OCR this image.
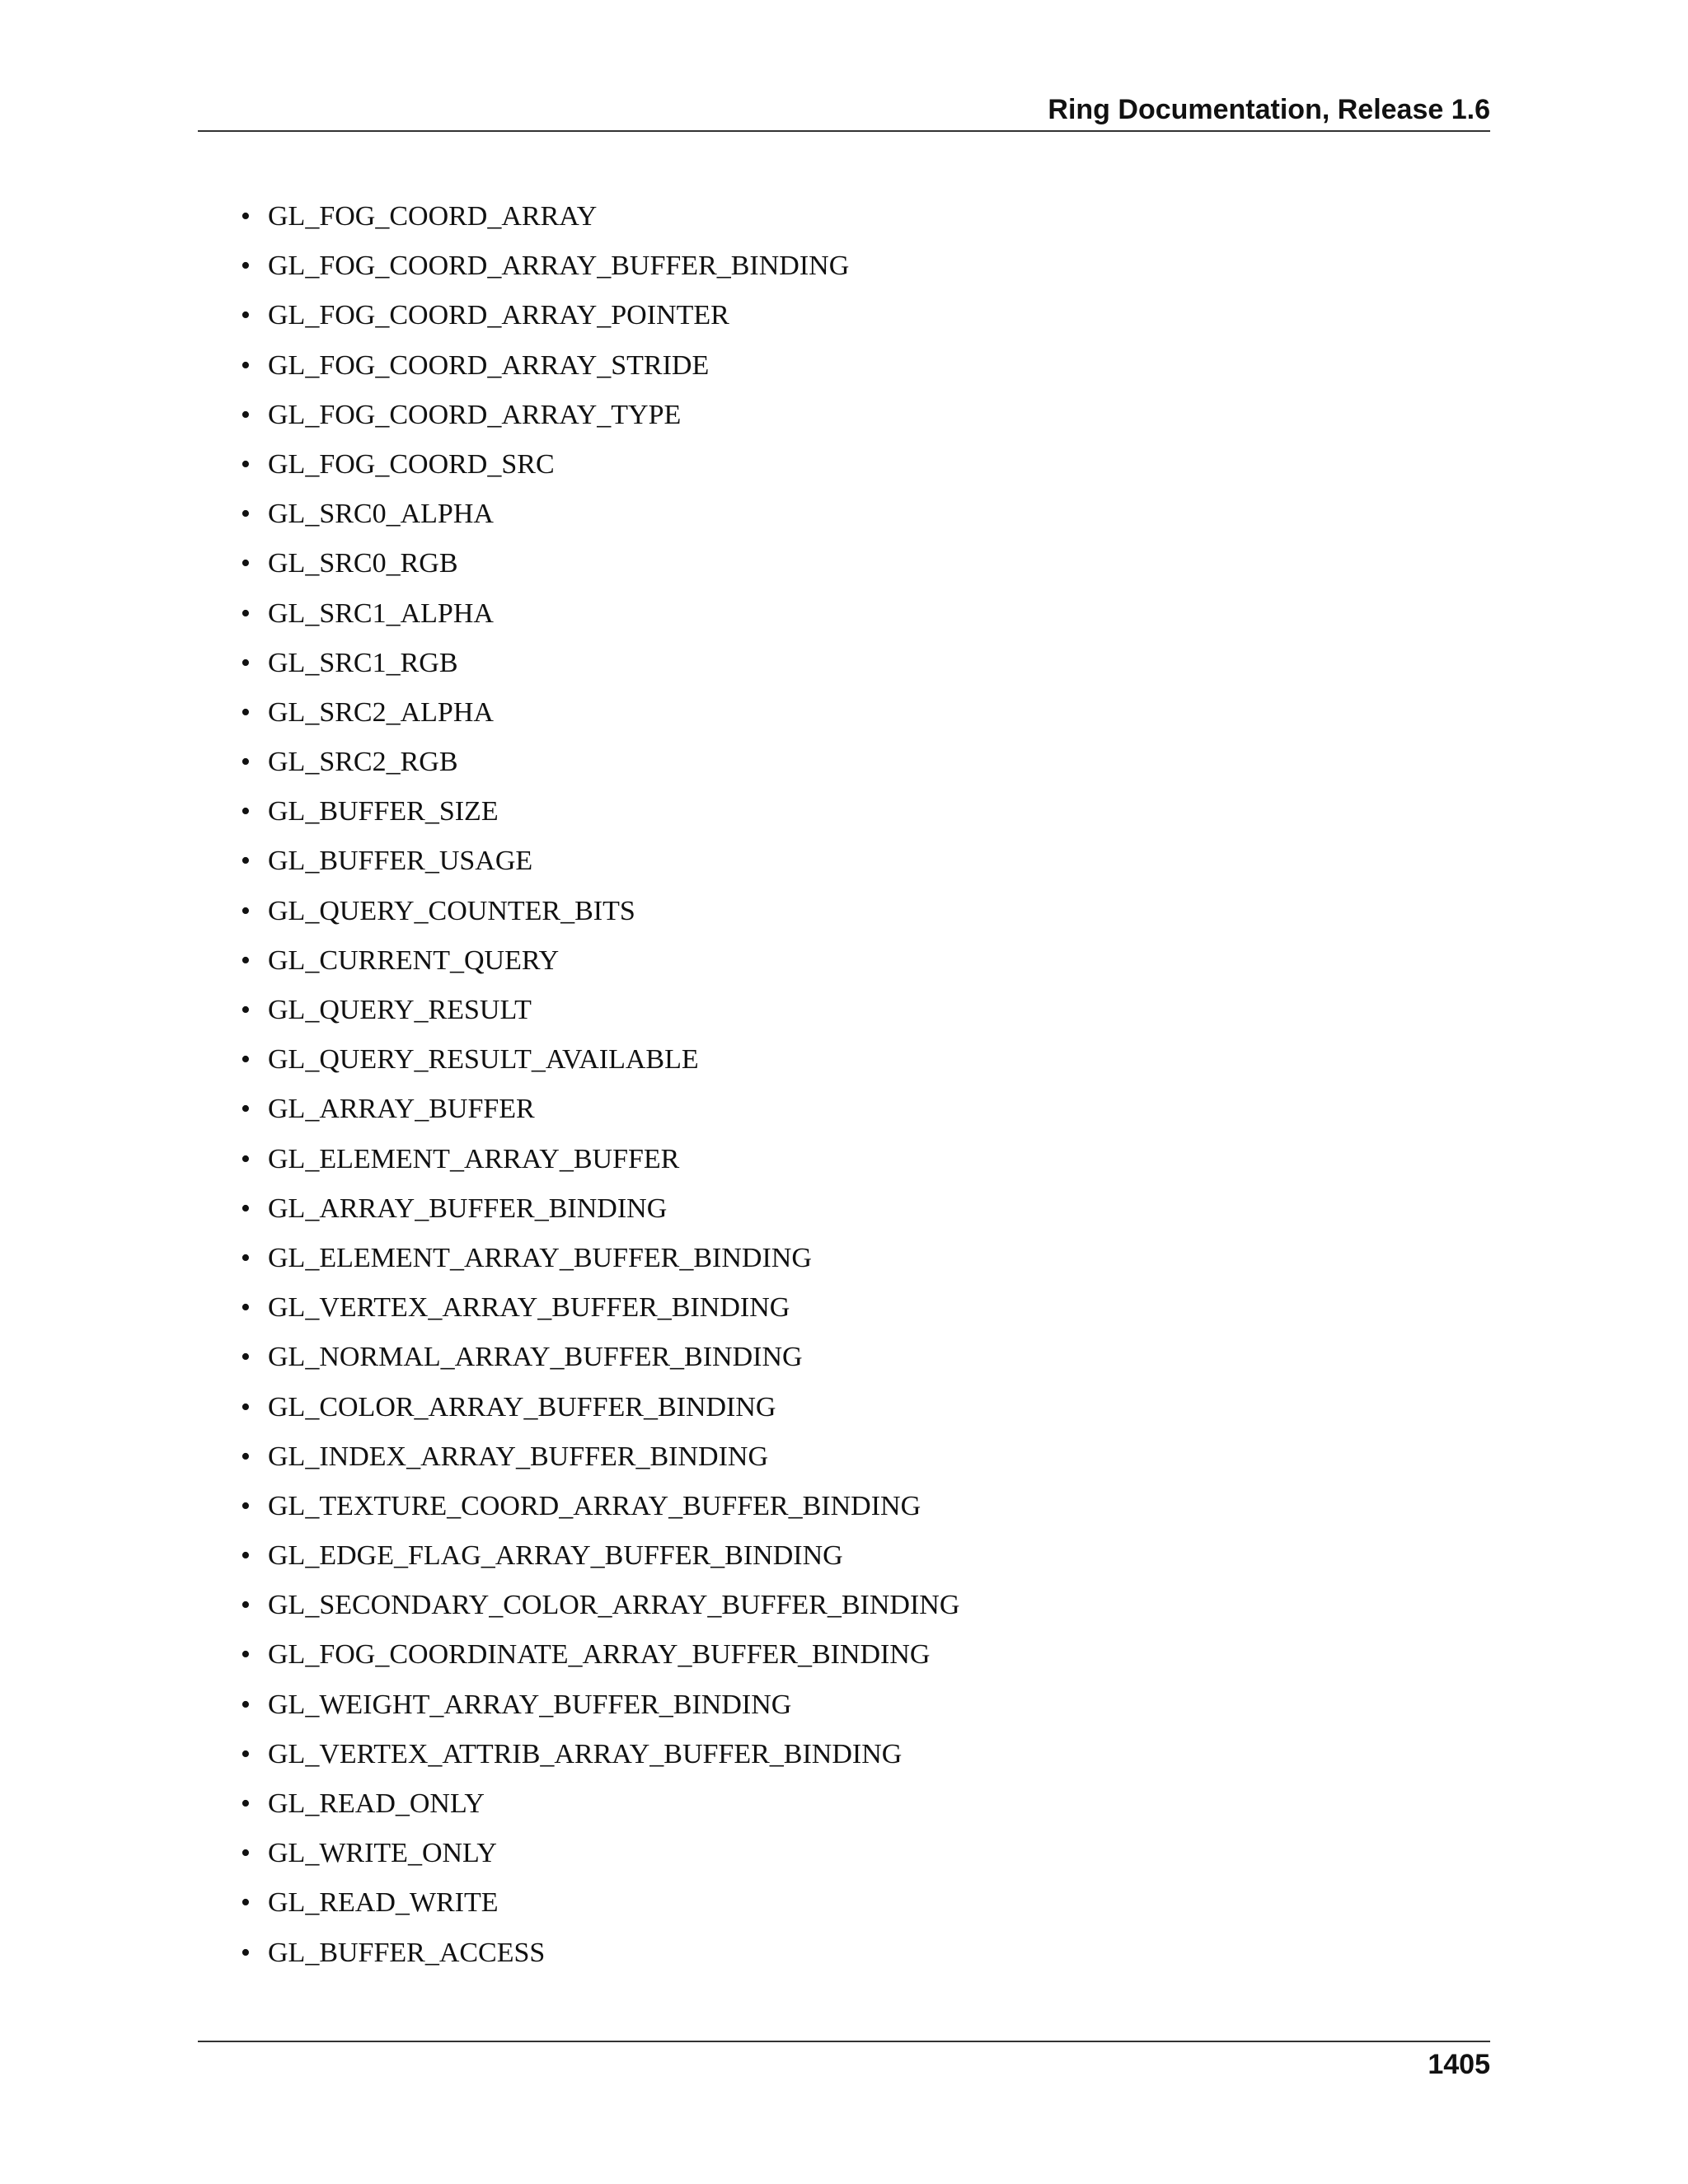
Ring Documentation, Release 1.6
• GL_FOG_COORD_ARRAY
• GL_FOG_COORD_ARRAY_BUFFER_BINDING
• GL_FOG_COORD_ARRAY_POINTER
• GL_FOG_COORD_ARRAY_STRIDE
• GL_FOG_COORD_ARRAY_TYPE
• GL_FOG_COORD_SRC
• GL_SRC0_ALPHA
• GL_SRC0_RGB
• GL_SRC1_ALPHA
• GL_SRC1_RGB
• GL_SRC2_ALPHA
• GL_SRC2_RGB
• GL_BUFFER_SIZE
• GL_BUFFER_USAGE
• GL_QUERY_COUNTER_BITS
• GL_CURRENT_QUERY
• GL_QUERY_RESULT
• GL_QUERY_RESULT_AVAILABLE
• GL_ARRAY_BUFFER
• GL_ELEMENT_ARRAY_BUFFER
• GL_ARRAY_BUFFER_BINDING
• GL_ELEMENT_ARRAY_BUFFER_BINDING
• GL_VERTEX_ARRAY_BUFFER_BINDING
• GL_NORMAL_ARRAY_BUFFER_BINDING
• GL_COLOR_ARRAY_BUFFER_BINDING
• GL_INDEX_ARRAY_BUFFER_BINDING
• GL_TEXTURE_COORD_ARRAY_BUFFER_BINDING
• GL_EDGE_FLAG_ARRAY_BUFFER_BINDING
• GL_SECONDARY_COLOR_ARRAY_BUFFER_BINDING
• GL_FOG_COORDINATE_ARRAY_BUFFER_BINDING
• GL_WEIGHT_ARRAY_BUFFER_BINDING
• GL_VERTEX_ATTRIB_ARRAY_BUFFER_BINDING
• GL_READ_ONLY
• GL_WRITE_ONLY
• GL_READ_WRITE
• GL_BUFFER_ACCESS
1405
